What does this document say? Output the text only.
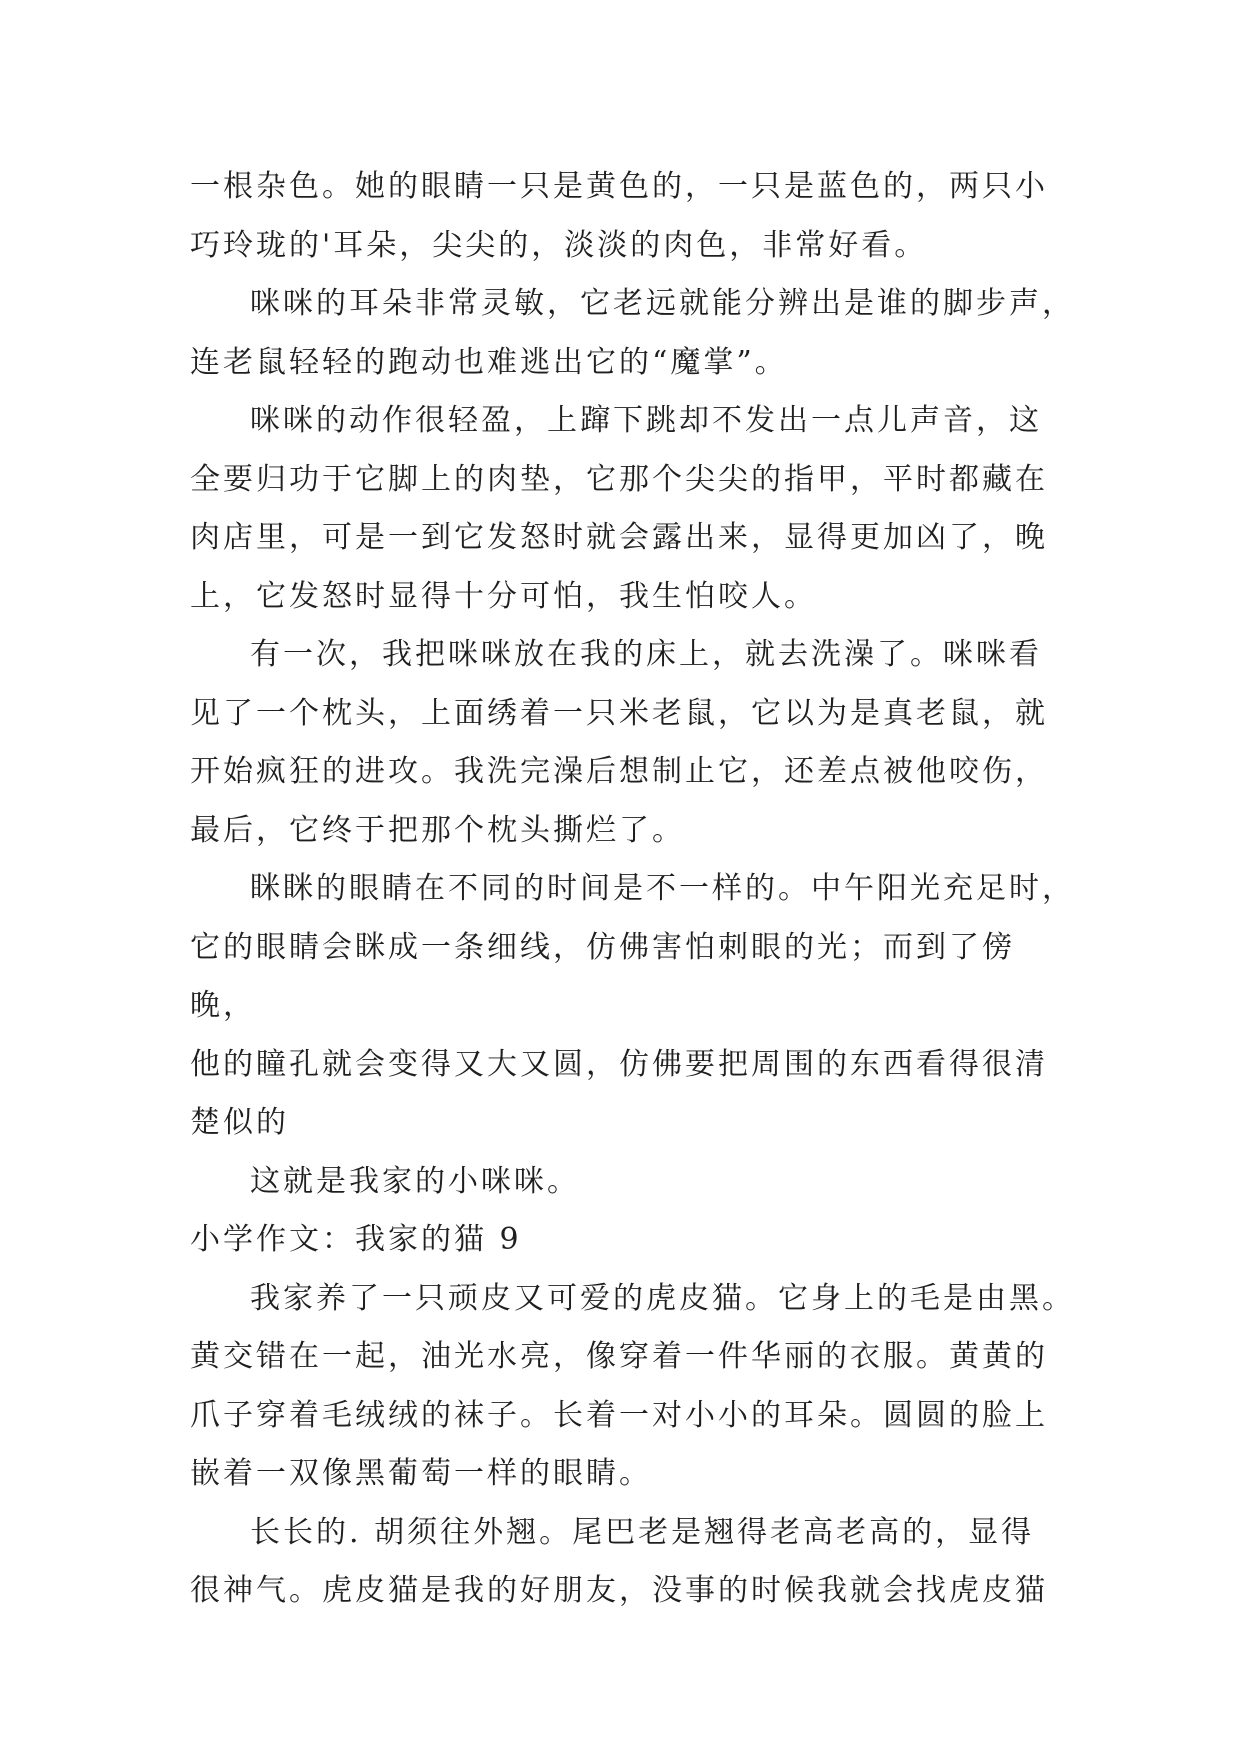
一根杂色。她的眼睛一只是黄色的，一只是蓝色的，两只小
巧玲珑的'耳朵，尖尖的，淡淡的肉色，非常好看。

咪咪的耳朵非常灵敏，它老远就能分辨出是谁的脚步声，
连老鼠轻轻的跑动也难逃出它的“魔掌”。

咪咪的动作很轻盈，上蹿下跳却不发出一点儿声音，这
全要归功于它脚上的肉垫，它那个尖尖的指甲，平时都藏在
肉店里，可是一到它发怒时就会露出来，显得更加凶了，晚
上，它发怒时显得十分可怕，我生怕咬人。

有一次，我把咪咪放在我的床上，就去洗澡了。咪咪看
见了一个枕头，上面绣着一只米老鼠，它以为是真老鼠，就
开始疯狂的进攻。我洗完澡后想制止它，还差点被他咬伤，
最后，它终于把那个枕头撕烂了。

眯眯的眼睛在不同的时间是不一样的。中午阳光充足时，
它的眼睛会眯成一条细线，仿佛害怕刺眼的光；而到了傍晚，
他的瞳孔就会变得又大又圆，仿佛要把周围的东西看得很清
楚似的

这就是我家的小咪咪。

小学作文：我家的猫 9

我家养了一只顽皮又可爱的虎皮猫。它身上的毛是由黑。
黄交错在一起，油光水亮，像穿着一件华丽的衣服。黄黄的
爪子穿着毛绒绒的袜子。长着一对小小的耳朵。圆圆的脸上
嵌着一双像黑葡萄一样的眼睛。

长长的. 胡须往外翘。尾巴老是翘得老高老高的，显得
很神气。虎皮猫是我的好朋友，没事的时候我就会找虎皮猫
